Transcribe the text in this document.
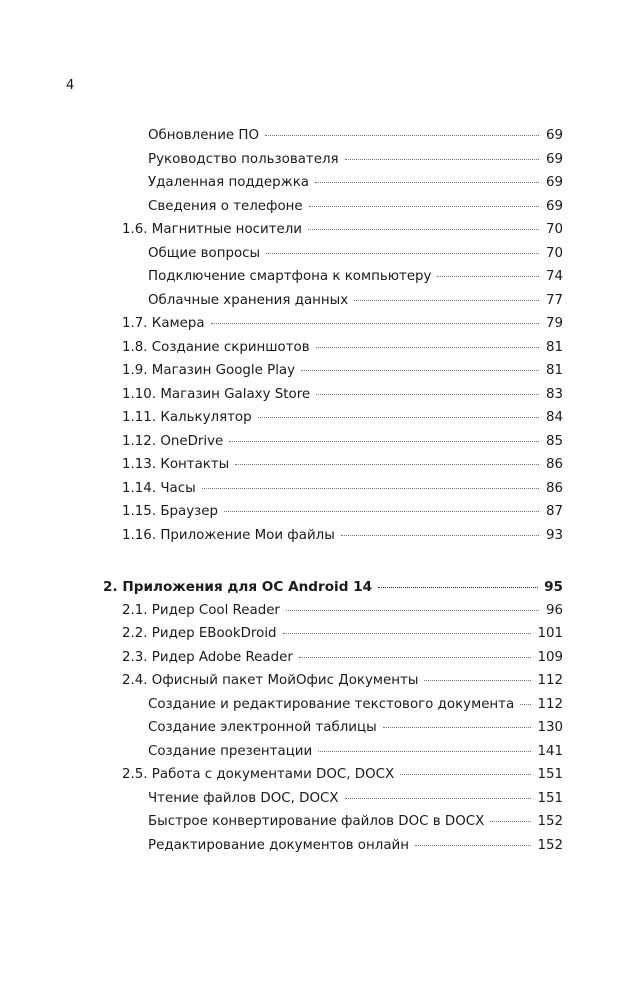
4
Обновление ПО	69
Руководство пользователя	69
Удаленная поддержка	69
Сведения о телефоне	69
1.6. Магнитные носители	70
Общие вопросы	70
Подключение смартфона к компьютеру	74
Облачные хранения данных	77
1.7. Камера	79
1.8. Создание скриншотов	81
1.9. Магазин Google Play	81
1.10. Магазин Galaxy Store	83
1.11. Калькулятор	84
1.12. OneDrive	85
1.13. Контакты	86
1.14. Часы	86
1.15. Браузер	87
1.16. Приложение Мои файлы	93
2. Приложения для ОС Android 14	95
2.1. Ридер Cool Reader	96
2.2. Ридер EBookDroid	101
2.3. Ридер Adobe Reader	109
2.4. Офисный пакет МойОфис Документы	112
Создание и редактирование текстового документа 112
Создание электронной таблицы	130
Создание презентации	141
2.5. Работа с документами DOC, DOCX	151
Чтение файлов DOC, DOCX	151
Быстрое конвертирование файлов DOC в DOCX	152
Редактирование документов онлайн	152
